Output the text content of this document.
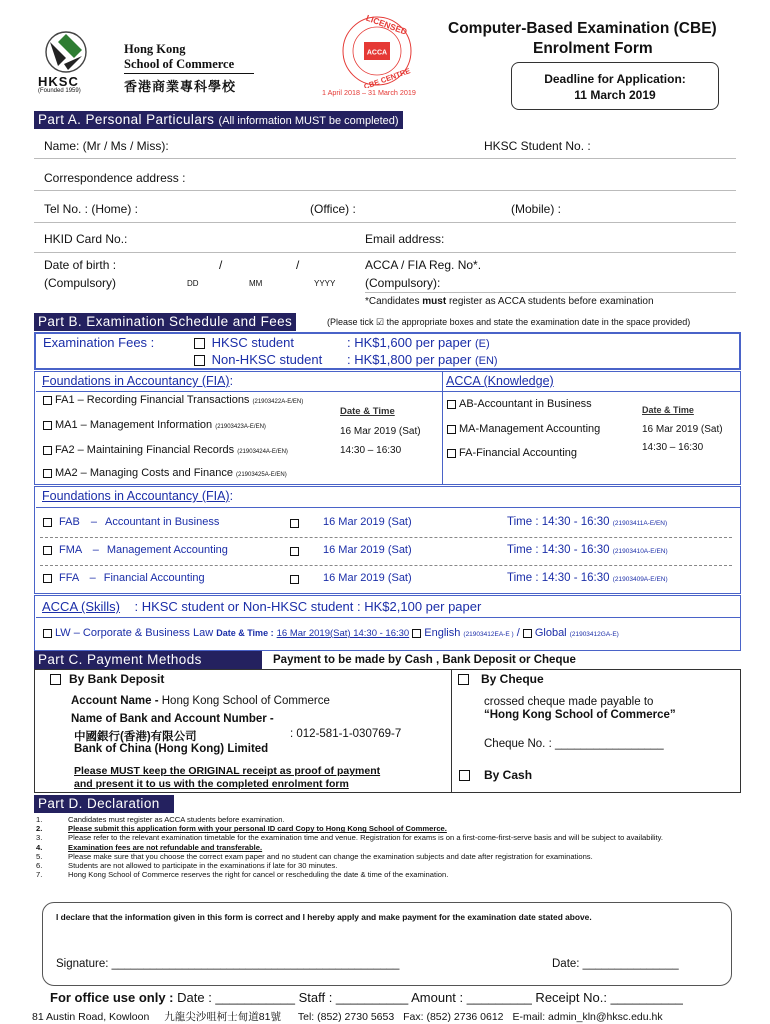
HKSC
(Founded 1959)
Hong Kong
School of Commerce
香港商業專科學校
ACCA
LICENSED
CBE CENTRE
1 April 2018 – 31 March 2019
Computer-Based Examination (CBE)
Enrolment Form
Deadline for Application:
11 March 2019
Part A. Personal Particulars (All information MUST be completed)
Name: (Mr / Ms / Miss):	HKSC Student No. :
Correspondence address :
Tel No. : (Home) :	(Office) :	(Mobile) :
HKID Card No.:	Email address:
Date of birth :	/	/
(Compulsory)	DD	MM	YYYY
ACCA / FIA Reg. No*.
(Compulsory):
*Candidates must register as ACCA students before examination
Part B. Examination Schedule and Fees	(Please tick ☑ the appropriate boxes and state the examination date in the space provided)
Examination Fees :	HKSC student	: HK$1,600 per paper (E)
Non-HKSC student : HK$1,800 per paper (EN)
Foundations in Accountancy (FIA):	ACCA (Knowledge)
FA1 – Recording Financial Transactions (21903422A-E/EN)
MA1 – Management Information (21903423A-E/EN)
FA2 – Maintaining Financial Records (21903424A-E/EN)
MA2 – Managing Costs and Finance (21903425A-E/EN)
Date & Time
16 Mar 2019 (Sat)
14:30 – 16:30
AB-Accountant in Business
MA-Management Accounting
FA-Financial Accounting
Date & Time
16 Mar 2019 (Sat)
14:30 – 16:30
Foundations in Accountancy (FIA):
FAB – Accountant in Business	16 Mar 2019 (Sat)	Time : 14:30 - 16:30 (21903411A-E/EN)
FMA – Management Accounting	16 Mar 2019 (Sat)	Time : 14:30 - 16:30 (21903410A-E/EN)
FFA – Financial Accounting	16 Mar 2019 (Sat)	Time : 14:30 - 16:30 (21903409A-E/EN)
ACCA (Skills) : HKSC student or Non-HKSC student : HK$2,100 per paper
LW – Corporate & Business Law Date & Time : 16 Mar 2019(Sat) 14:30 - 16:30 English (21903412EA-E ) / Global (21903412GA-E)
Part C. Payment Methods	Payment to be made by Cash , Bank Deposit or Cheque
By Bank Deposit
Account Name - Hong Kong School of Commerce
Name of Bank and Account Number -
中國銀行(香港)有限公司	: 012-581-1-030769-7
Bank of China (Hong Kong) Limited
Please MUST keep the ORIGINAL receipt as proof of payment
and present it to us with the completed enrolment form
By Cheque
crossed cheque made payable to
“Hong Kong School of Commerce”
Cheque No. : _________________
By Cash
Part D. Declaration
1.	Candidates must register as ACCA students before examination.
2.	Please submit this application form with your personal ID card Copy to Hong Kong School of Commerce.
3.	Please refer to the relevant examination timetable for the examination time and venue. Registration for exams is on a first-come-first-serve basis and will be subject to availability.
4.	Examination fees are not refundable and transferable.
5.	Please make sure that you choose the correct exam paper and no student can change the examination subjects and date after registration for examinations.
6.	Students are not allowed to participate in the examinations if late for 30 minutes.
7.	Hong Kong School of Commerce reserves the right for cancel or rescheduling the date & time of the examination.
I declare that the information given in this form is correct and I hereby apply and make payment for the examination date stated above.
Signature: _____________________________________________	Date: _______________
For office use only : Date : ___________ Staff : __________ Amount : _________ Receipt No.: __________
81 Austin Road, Kowloon 九龍尖沙咀柯士甸道81號 Tel: (852) 2730 5653 Fax: (852) 2736 0612 E-mail: admin_kln@hksc.edu.hk
